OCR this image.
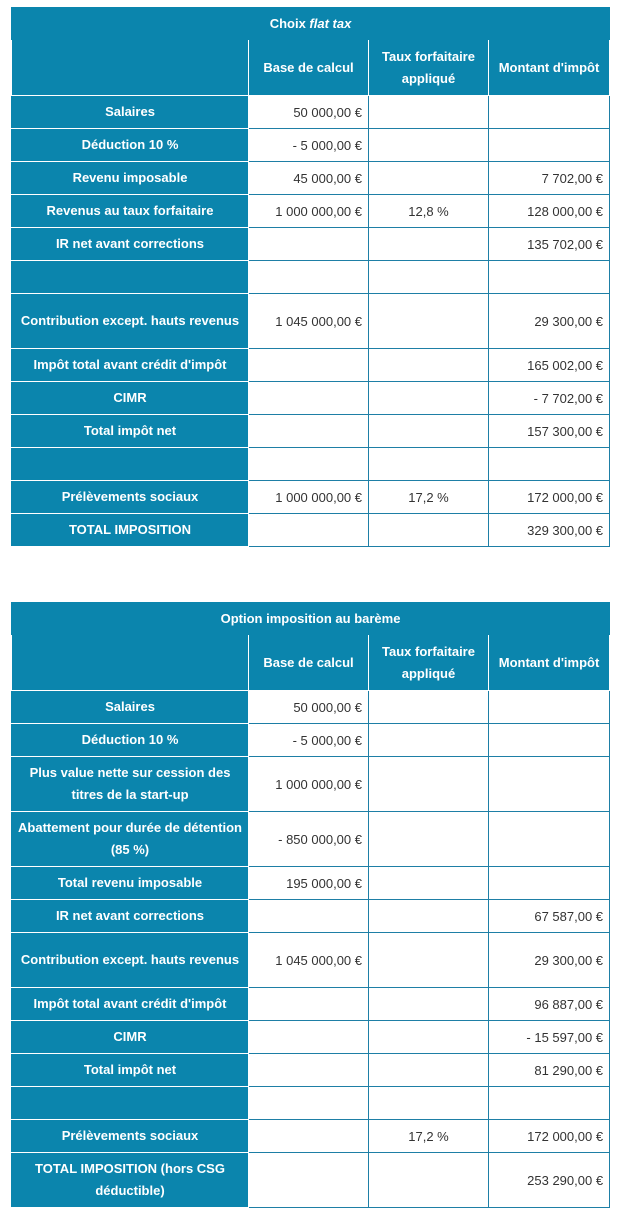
Choix flat tax			
	Base de calcul	Taux forfaitaire appliqué	Montant d'impôt
Salaires	50 000,00 €		
Déduction 10 %	- 5 000,00 €		
Revenu imposable	45 000,00 €		7 702,00 €
Revenus au taux forfaitaire	1 000 000,00 €	12,8 %	128 000,00 €
IR net avant corrections			135 702,00 €

Contribution except. hauts revenus	1 045 000,00 €		29 300,00 €
Impôt total avant crédit d'impôt			165 002,00 €
CIMR			- 7 702,00 €
Total impôt net			157 300,00 €

Prélèvements sociaux	1 000 000,00 €	17,2 %	172 000,00 €
TOTAL IMPOSITION			329 300,00 €
Option imposition au barème			
	Base de calcul	Taux forfaitaire appliqué	Montant d'impôt
Salaires	50 000,00 €		
Déduction 10 %	- 5 000,00 €		
Plus value nette sur cession des titres de la start-up	1 000 000,00 €		
Abattement pour durée de détention (85 %)	- 850 000,00 €		
Total revenu imposable	195 000,00 €		
IR net avant corrections			67 587,00 €
Contribution except. hauts revenus	1 045 000,00 €		29 300,00 €
Impôt total avant crédit d'impôt			96 887,00 €
CIMR			- 15 597,00 €
Total impôt net			81 290,00 €

Prélèvements sociaux		17,2 %	172 000,00 €
TOTAL IMPOSITION (hors CSG déductible)			253 290,00 €
